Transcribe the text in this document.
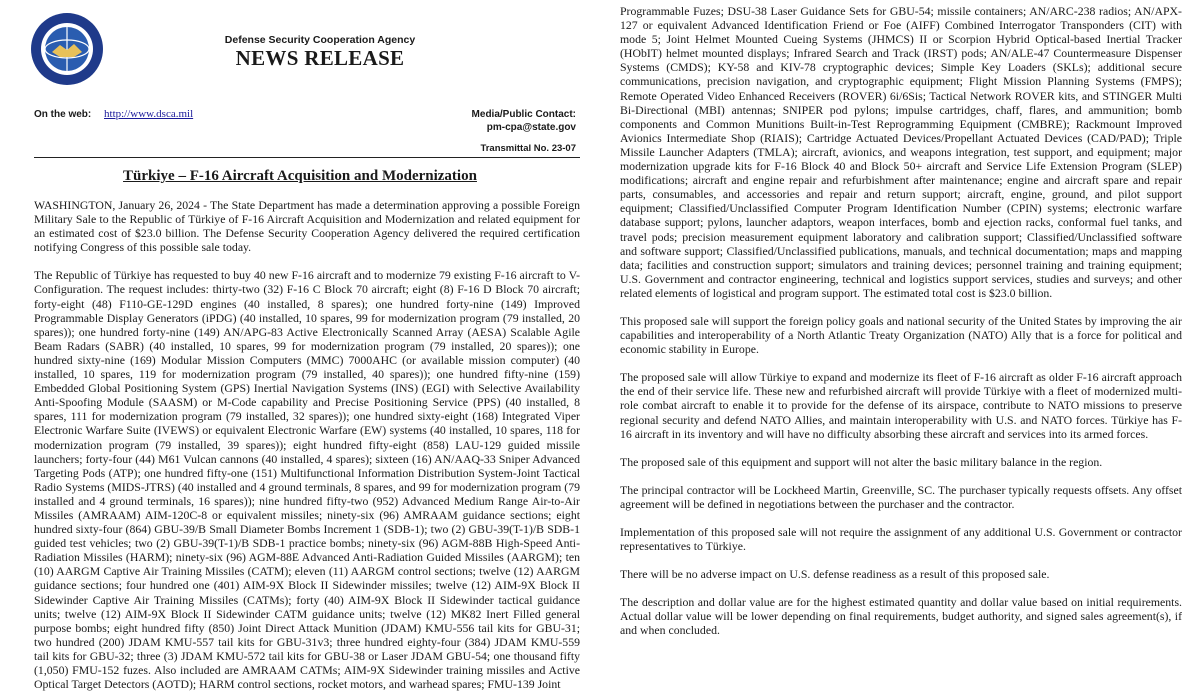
Defense Security Cooperation Agency
NEWS RELEASE
On the web: http://www.dsca.mil	Media/Public Contact:
pm-cpa@state.gov
Transmittal No. 23-07
Türkiye – F-16 Aircraft Acquisition and Modernization

WASHINGTON, January 26, 2024 - The State Department has made a determination approving a possible Foreign Military Sale to the Republic of Türkiye of F-16 Aircraft Acquisition and Modernization and related equipment for an estimated cost of $23.0 billion. The Defense Security Cooperation Agency delivered the required certification notifying Congress of this possible sale today.

The Republic of Türkiye has requested to buy 40 new F-16 aircraft and to modernize 79 existing F-16 aircraft to V-Configuration. The request includes: thirty-two (32) F-16 C Block 70 aircraft; eight (8) F-16 D Block 70 aircraft; forty-eight (48) F110-GE-129D engines (40 installed, 8 spares); one hundred forty-nine (149) Improved Programmable Display Generators (iPDG) (40 installed, 10 spares, 99 for modernization program (79 installed, 20 spares)); one hundred forty-nine (149) AN/APG-83 Active Electronically Scanned Array (AESA) Scalable Agile Beam Radars (SABR) (40 installed, 10 spares, 99 for modernization program (79 installed, 20 spares)); one hundred sixty-nine (169) Modular Mission Computers (MMC) 7000AHC (or available mission computer) (40 installed, 10 spares, 119 for modernization program (79 installed, 40 spares)); one hundred fifty-nine (159) Embedded Global Positioning System (GPS) Inertial Navigation Systems (INS) (EGI) with Selective Availability Anti-Spoofing Module (SAASM) or M-Code capability and Precise Positioning Service (PPS) (40 installed, 8 spares, 111 for modernization program (79 installed, 32 spares)); one hundred sixty-eight (168) Integrated Viper Electronic Warfare Suite (IVEWS) or equivalent Electronic Warfare (EW) systems (40 installed, 10 spares, 118 for modernization program (79 installed, 39 spares)); eight hundred fifty-eight (858) LAU-129 guided missile launchers; forty-four (44) M61 Vulcan cannons (40 installed, 4 spares); sixteen (16) AN/AAQ-33 Sniper Advanced Targeting Pods (ATP); one hundred fifty-one (151) Multifunctional Information Distribution System-Joint Tactical Radio Systems (MIDS-JTRS) (40 installed and 4 ground terminals, 8 spares, and 99 for modernization program (79 installed and 4 ground terminals, 16 spares)); nine hundred fifty-two (952) Advanced Medium Range Air-to-Air Missiles (AMRAAM) AIM-120C-8 or equivalent missiles; ninety-six (96) AMRAAM guidance sections; eight hundred sixty-four (864) GBU-39/B Small Diameter Bombs Increment 1 (SDB-1); two (2) GBU-39(T-1)/B SDB-1 guided test vehicles; two (2) GBU-39(T-1)/B SDB-1 practice bombs; ninety-six (96) AGM-88B High-Speed Anti-Radiation Missiles (HARM); ninety-six (96) AGM-88E Advanced Anti-Radiation Guided Missiles (AARGM); ten (10) AARGM Captive Air Training Missiles (CATM); eleven (11) AARGM control sections; twelve (12) AARGM guidance sections; four hundred one (401) AIM-9X Block II Sidewinder missiles; twelve (12) AIM-9X Block II Sidewinder Captive Air Training Missiles (CATMs); forty (40) AIM-9X Block II Sidewinder tactical guidance units; twelve (12) AIM-9X Block II Sidewinder CATM guidance units; twelve (12) MK82 Inert Filled general purpose bombs; eight hundred fifty (850) Joint Direct Attack Munition (JDAM) KMU-556 tail kits for GBU-31; two hundred (200) JDAM KMU-557 tail kits for GBU-31v3; three hundred eighty-four (384) JDAM KMU-559 tail kits for GBU-32; three (3) JDAM KMU-572 tail kits for GBU-38 or Laser JDAM GBU-54; one thousand fifty (1,050) FMU-152 fuzes. Also included are AMRAAM CATMs; AIM-9X Sidewinder training missiles and Active Optical Target Detectors (AOTD); HARM control sections, rocket motors, and warhead spares; FMU-139 Joint

Programmable Fuzes; DSU-38 Laser Guidance Sets for GBU-54; missile containers; AN/ARC-238 radios; AN/APX-127 or equivalent Advanced Identification Friend or Foe (AIFF) Combined Interrogator Transponders (CIT) with mode 5; Joint Helmet Mounted Cueing Systems (JHMCS) II or Scorpion Hybrid Optical-based Inertial Tracker (HObIT) helmet mounted displays; Infrared Search and Track (IRST) pods; AN/ALE-47 Countermeasure Dispenser Systems (CMDS); KY-58 and KIV-78 cryptographic devices; Simple Key Loaders (SKLs); additional secure communications, precision navigation, and cryptographic equipment; Flight Mission Planning Systems (FMPS); Remote Operated Video Enhanced Receivers (ROVER) 6i/6Sis; Tactical Network ROVER kits, and STINGER Multi Bi-Directional (MBI) antennas; SNIPER pod pylons; impulse cartridges, chaff, flares, and ammunition; bomb components and Common Munitions Built-in-Test Reprogramming Equipment (CMBRE); Rackmount Improved Avionics Intermediate Shop (RIAIS); Cartridge Actuated Devices/Propellant Actuated Devices (CAD/PAD); Triple Missile Launcher Adapters (TMLA); aircraft, avionics, and weapons integration, test support, and equipment; major modernization upgrade kits for F-16 Block 40 and Block 50+ aircraft and Service Life Extension Program (SLEP) modifications; aircraft and engine repair and refurbishment after maintenance; engine and aircraft spare and repair parts, consumables, and accessories and repair and return support; aircraft, engine, ground, and pilot support equipment; Classified/Unclassified Computer Program Identification Number (CPIN) systems; electronic warfare database support; pylons, launcher adaptors, weapon interfaces, bomb and ejection racks, conformal fuel tanks, and travel pods; precision measurement equipment laboratory and calibration support; Classified/Unclassified software and software support; Classified/Unclassified publications, manuals, and technical documentation; maps and mapping data; facilities and construction support; simulators and training devices; personnel training and training equipment; U.S. Government and contractor engineering, technical and logistics support services, studies and surveys; and other related elements of logistical and program support. The estimated total cost is $23.0 billion.

This proposed sale will support the foreign policy goals and national security of the United States by improving the air capabilities and interoperability of a North Atlantic Treaty Organization (NATO) Ally that is a force for political and economic stability in Europe.

The proposed sale will allow Türkiye to expand and modernize its fleet of F-16 aircraft as older F-16 aircraft approach the end of their service life. These new and refurbished aircraft will provide Türkiye with a fleet of modernized multi-role combat aircraft to enable it to provide for the defense of its airspace, contribute to NATO missions to preserve regional security and defend NATO Allies, and maintain interoperability with U.S. and NATO forces. Türkiye has F-16 aircraft in its inventory and will have no difficulty absorbing these aircraft and services into its armed forces.

The proposed sale of this equipment and support will not alter the basic military balance in the region.

The principal contractor will be Lockheed Martin, Greenville, SC. The purchaser typically requests offsets. Any offset agreement will be defined in negotiations between the purchaser and the contractor.

Implementation of this proposed sale will not require the assignment of any additional U.S. Government or contractor representatives to Türkiye.

There will be no adverse impact on U.S. defense readiness as a result of this proposed sale.

The description and dollar value are for the highest estimated quantity and dollar value based on initial requirements. Actual dollar value will be lower depending on final requirements, budget authority, and signed sales agreement(s), if and when concluded.
